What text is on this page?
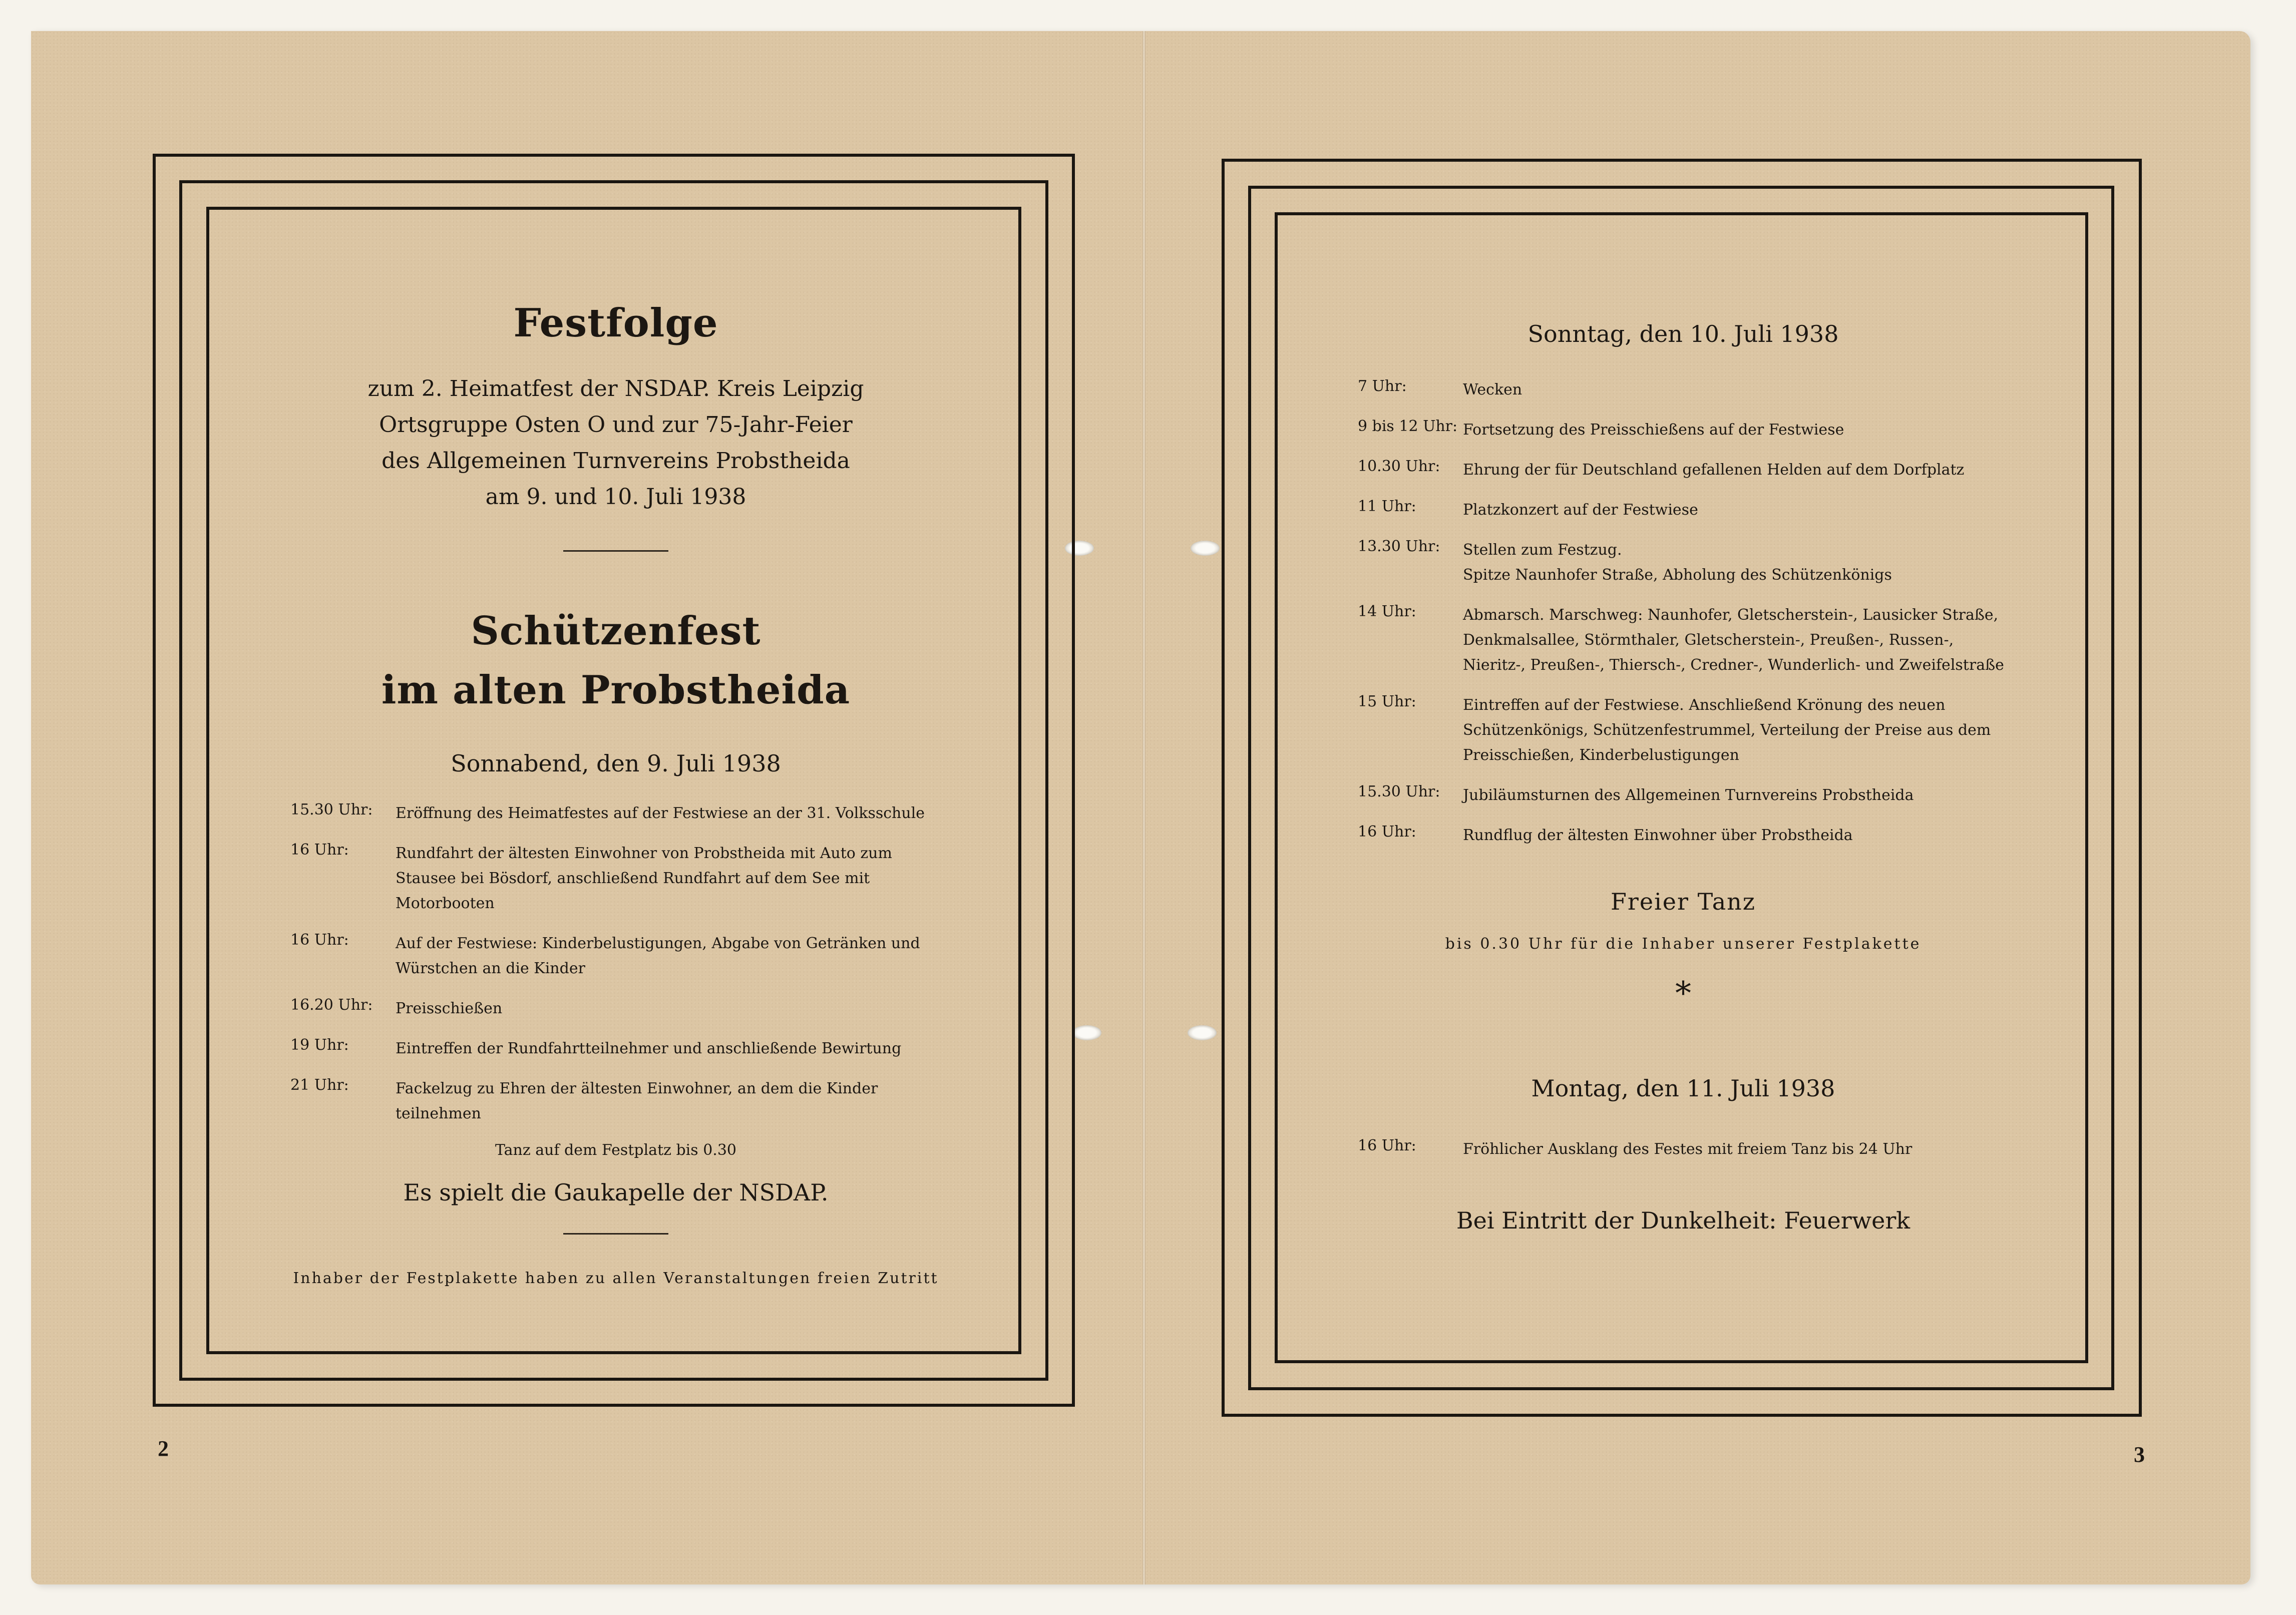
Festfolge
zum 2. Heimatfest der NSDAP. Kreis Leipzig
Ortsgruppe Osten O und zur 75-Jahr-Feier
des Allgemeinen Turnvereins Probstheida
am 9. und 10. Juli 1938
Schützenfest
im alten Probstheida
Sonnabend, den 9. Juli 1938
15.30 Uhr:	Eröffnung des Heimatfestes auf der Festwiese an der 31. Volksschule
16 Uhr:	Rundfahrt der ältesten Einwohner von Probstheida mit Auto zum Stausee bei Bösdorf, anschließend Rundfahrt auf dem See mit Motorbooten
16 Uhr:	Auf der Festwiese: Kinderbelustigungen, Abgabe von Getränken und Würstchen an die Kinder
16.20 Uhr:	Preisschießen
19 Uhr:	Eintreffen der Rundfahrtteilnehmer und anschließende Bewirtung
21 Uhr:	Fackelzug zu Ehren der ältesten Einwohner, an dem die Kinder teilnehmen
Tanz auf dem Festplatz bis 0.30
Es spielt die Gaukapelle der NSDAP.
Inhaber der Festplakette haben zu allen Veranstaltungen freien Zutritt
2
Sonntag, den 10. Juli 1938
7 Uhr:	Wecken
9 bis 12 Uhr: Fortsetzung des Preisschießens auf der Festwiese
10.30 Uhr:	Ehrung der für Deutschland gefallenen Helden auf dem Dorfplatz
11 Uhr:	Platzkonzert auf der Festwiese
13.30 Uhr:	Stellen zum Festzug.
Spitze Naunhofer Straße, Abholung des Schützenkönigs
14 Uhr:	Abmarsch. Marschweg: Naunhofer, Gletscherstein-, Lausicker Straße, Denkmalsallee, Störmthaler, Gletscherstein-, Preußen-, Russen-, Nieritz-, Preußen-, Thiersch-, Credner-, Wunderlich- und Zweifelstraße
15 Uhr:	Eintreffen auf der Festwiese. Anschließend Krönung des neuen Schützenkönigs, Schützenfestrummel, Verteilung der Preise aus dem Preisschießen, Kinderbelustigungen
15.30 Uhr:	Jubiläumsturnen des Allgemeinen Turnvereins Probstheida
16 Uhr:	Rundflug der ältesten Einwohner über Probstheida
Freier Tanz
bis 0.30 Uhr für die Inhaber unserer Festplakette
*
Montag, den 11. Juli 1938
16 Uhr:	Fröhlicher Ausklang des Festes mit freiem Tanz bis 24 Uhr
Bei Eintritt der Dunkelheit: Feuerwerk
3
